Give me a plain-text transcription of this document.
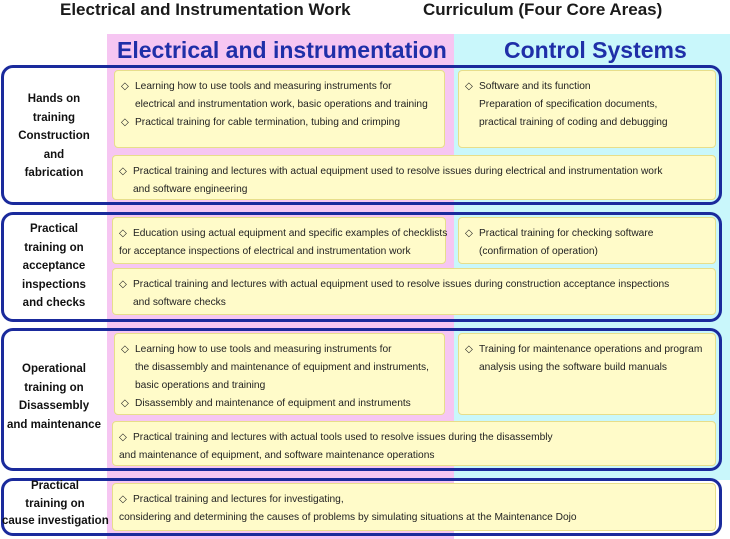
Electrical and Instrumentation Work	Curriculum (Four Core Areas)
Electrical and instrumentation Control Systems
Hands on
training
Construction
and
fabrication
◇ Learning how to use tools and measuring instruments for
electrical and instrumentation work, basic operations and training
◇ Practical training for cable termination, tubing and crimping
◇ Software and its function
Preparation of specification documents,
practical training of coding and debugging
◇ Practical training and lectures with actual equipment used to resolve issues during electrical and instrumentation work
and software engineering
Practical
training on
acceptance
inspections
and checks
◇ Education using actual equipment and specific examples of checklists
for acceptance inspections of electrical and instrumentation work
◇ Practical training for checking software
(confirmation of operation)
◇ Practical training and lectures with actual equipment used to resolve issues during construction acceptance inspections
and software checks
Operational
training on
Disassembly
and maintenance
◇ Learning how to use tools and measuring instruments for
the disassembly and maintenance of equipment and instruments,
basic operations and training
◇ Disassembly and maintenance of equipment and instruments
◇ Training for maintenance operations and program
analysis using the software build manuals
◇ Practical training and lectures with actual tools used to resolve issues during the disassembly
and maintenance of equipment, and software maintenance operations
Practical
training on
cause investigation
◇ Practical training and lectures for investigating,
considering and determining the causes of problems by simulating situations at the Maintenance Dojo
